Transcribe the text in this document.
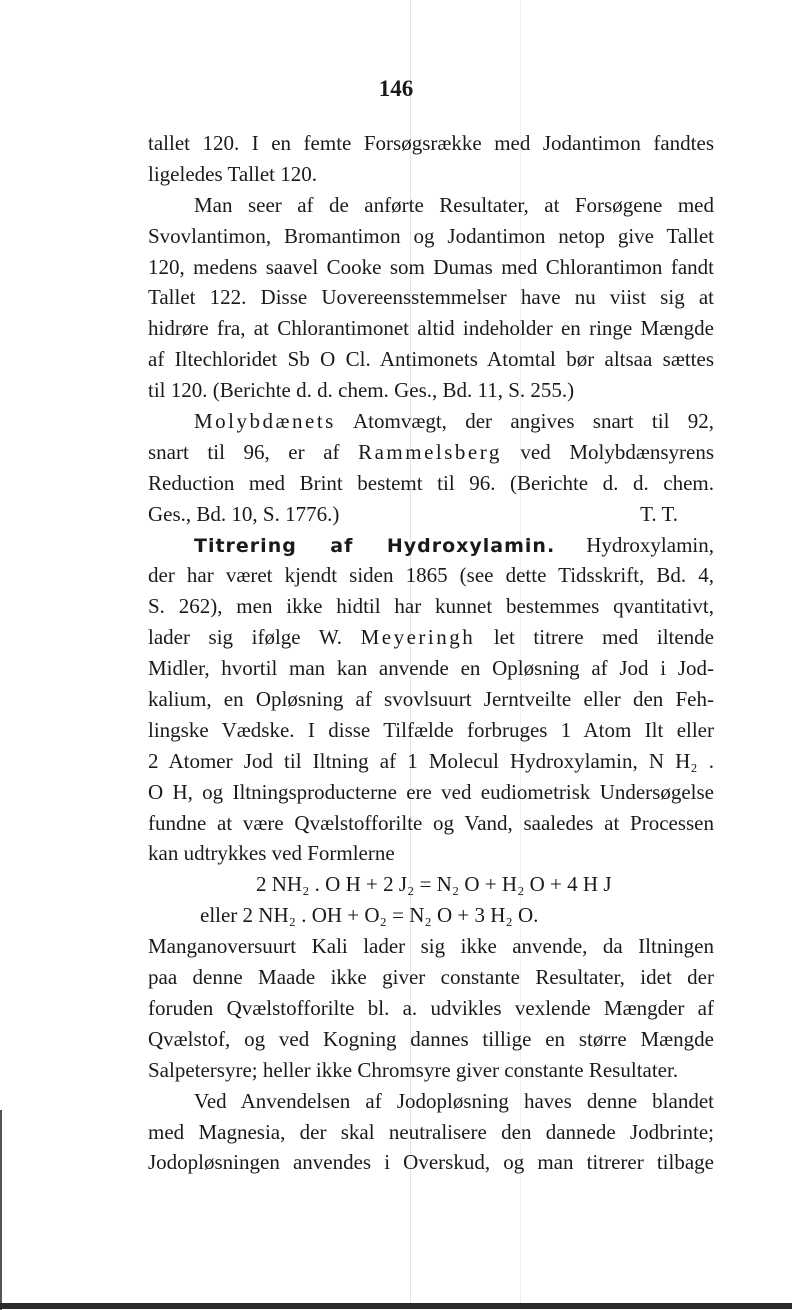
146
tallet 120. I en femte Forsøgsrække med Jodantimon fandtes
ligeledes Tallet 120.
Man seer af de anførte Resultater, at Forsøgene med
Svovlantimon, Bromantimon og Jodantimon netop give Tallet
120, medens saavel Cooke som Dumas med Chlorantimon fandt
Tallet 122. Disse Uovereensstemmelser have nu viist sig at
hidrøre fra, at Chlorantimonet altid indeholder en ringe Mængde
af Iltechloridet Sb O Cl. Antimonets Atomtal bør altsaa sættes
til 120. (Berichte d. d. chem. Ges., Bd. 11, S. 255.)
Molybdænets Atomvægt, der angives snart til 92,
snart til 96, er af Rammelsberg ved Molybdænsyrens
Reduction med Brint bestemt til 96. (Berichte d. d. chem.
Ges., Bd. 10, S. 1776.)	T. T.
Titrering af Hydroxylamin. Hydroxylamin,
der har været kjendt siden 1865 (see dette Tidsskrift, Bd. 4,
S. 262), men ikke hidtil har kunnet bestemmes qvantitativt,
lader sig ifølge W. Meyeringh let titrere med iltende
Midler, hvortil man kan anvende en Opløsning af Jod i Jod-
kalium, en Opløsning af svovlsuurt Jerntveilte eller den Feh-
lingske Vædske. I disse Tilfælde forbruges 1 Atom Ilt eller
2 Atomer Jod til Iltning af 1 Molecul Hydroxylamin, N H₂ .
O H, og Iltningsproducterne ere ved eudiometrisk Undersøgelse
fundne at være Qvælstofforilte og Vand, saaledes at Processen
kan udtrykkes ved Formlerne
2 NH₂ . O H + 2 J₂ = N₂ O + H₂ O + 4 H J
eller 2 NH₂ . OH + O₂ = N₂ O + 3 H₂ O.
Manganoversuurt Kali lader sig ikke anvende, da Iltningen
paa denne Maade ikke giver constante Resultater, idet der
foruden Qvælstofforilte bl. a. udvikles vexlende Mængder af
Qvælstof, og ved Kogning dannes tillige en større Mængde
Salpetersyre; heller ikke Chromsyre giver constante Resultater.
Ved Anvendelsen af Jodopløsning haves denne blandet
med Magnesia, der skal neutralisere den dannede Jodbrinte;
Jodopløsningen anvendes i Overskud, og man titrerer tilbage
